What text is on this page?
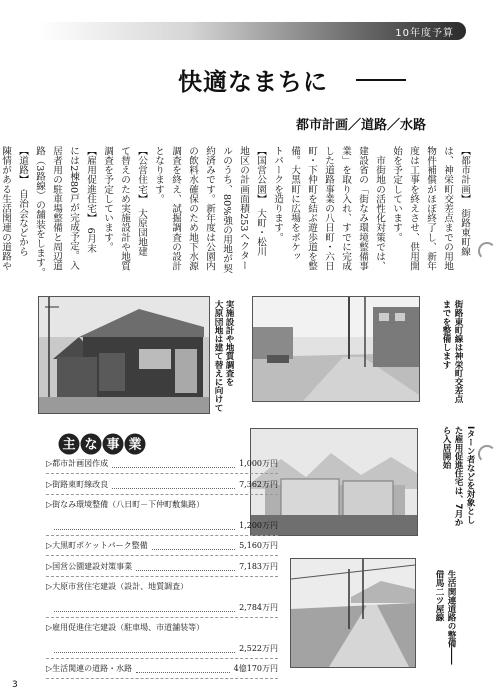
10年度予算
快適なまちに
都市計画／道路／水路
【都市計画】　街路東町線
は、神栄町交差点までの用地
物件補償がほぼ終了し、新年
度は工事を終えさせ、供用開
始を予定しています。
　市街地の活性化対策では、
建設省の「街なみ環境整備事
業」を取り入れ、すでに完成
した道路事業の八日町・六日
町・下仲町を結ぶ遊歩道を整
備。大黒町に広場をポケッ
トパークを造ります。
【国営公園】　大町・松川
地区の計画面積253ヘクター
ルのうち、80%強の用地が契
約済みです。新年度は公園内
の飲料水確保のため地下水源
調査を終え、試掘調査の設計
となります。
【公営住宅】　大原団地建
て替えのため実施設計や地質
調査を予定しています。
【雇用促進住宅】　6月末
には2棟80戸が完成予定。入
居者用の駐車場整備と周辺道
路（3路線）の舗装をします。
【道路】　自治会などから
陳情がある生活関連の道路や
大原団地は建て替えに向けて 実施設計や地質調査を	街路東町線は神栄町交差点
までを整備します
Iターン者などを対象とし
た雇用促進住宅は、7月か
ら入居開始
生活関連道路の整備――
借馬二ツ屋線
主 な 事 業
▷都市計画図作成	1,000万円
▷街路東町線改良	7,362万円
▷街なみ環境整備（八日町－下仲町敷集路）
1,200万円
▷大黒町ポケットパーク整備	5,160万円
▷国営公園建設対策事業	7,183万円
▷大原市営住宅建設（設計、地質調査）
2,784万円
▷雇用促進住宅建設（駐車場、市道舗装等）
2,522万円
▷生活関連の道路・水路	4億170万円
3
